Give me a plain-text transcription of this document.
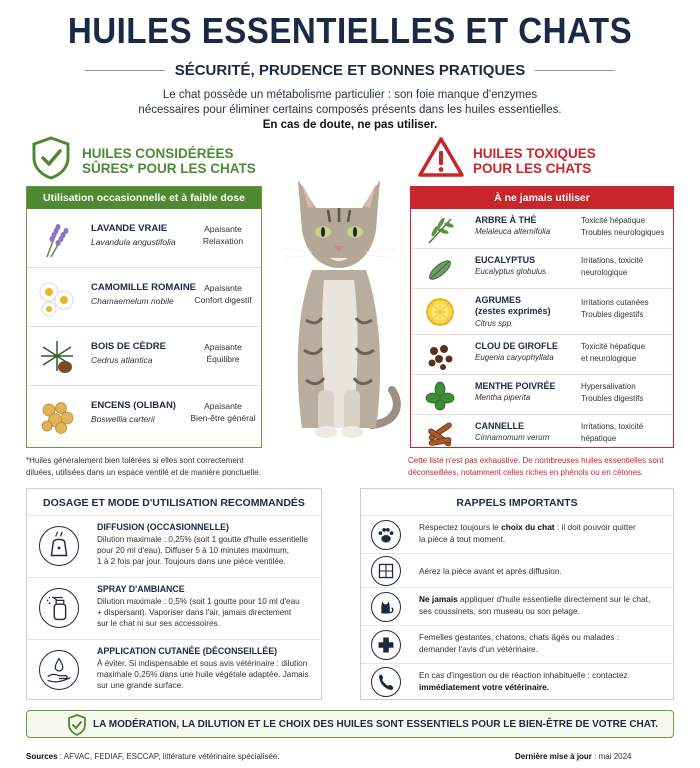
HUILES ESSENTIELLES ET CHATS
SÉCURITÉ, PRUDENCE ET BONNES PRATIQUES
Le chat possède un métabolisme particulier : son foie manque d'enzymes
nécessaires pour éliminer certains composés présents dans les huiles essentielles.
En cas de doute, ne pas utiliser.
HUILES CONSIDÉRÉES
SÛRES* POUR LES CHATS
Utilisation occasionnelle et à faible dose
LAVANDE VRAIE
Lavandula angustifolia
Apaisante
Relaxation
CAMOMILLE ROMAINE
Chamaemelum nobile
Apaisante
Confort digestif
BOIS DE CÈDRE
Cedrus atlantica
Apaisante
Équilibre
ENCENS (OLIBAN)
Boswellia carterii
Apaisante
Bien-être général
*Huiles généralement bien tolérées si elles sont correctement
diluées, utilisées dans un espace ventilé et de manière ponctuelle.
HUILES TOXIQUES
POUR LES CHATS
À ne jamais utiliser
ARBRE À THÉ
Melaleuca alternifolia
Toxicité hépatique
Troubles neurologiques
EUCALYPTUS
Eucalyptus globulus
Irritations, toxicité
neurologique
AGRUMES
(zestes exprimés)
Citrus spp.
Irritations cutanées
Troubles digestifs
CLOU DE GIROFLE
Eugenia caryophyllata
Toxicité hépatique
et neurologique
MENTHE POIVRÉE
Mentha piperita
Hypersalivation
Troubles digestifs
CANNELLE
Cinnamomum verum
Irritations, toxicité
hépatique
Cette liste n'est pas exhaustive. De nombreuses huiles essentielles sont
déconseillées, notamment celles riches en phénols ou en cétones.
DOSAGE ET MODE D'UTILISATION RECOMMANDÉS
DIFFUSION (OCCASIONNELLE)
Dilution maximale : 0,25% (soit 1 goutte d'huile essentielle
pour 20 ml d'eau). Diffuser 5 à 10 minutes maximum,
1 à 2 fois par jour. Toujours dans une pièce ventilée.
SPRAY D'AMBIANCE
Dilution maximale : 0,5% (soit 1 goutte pour 10 ml d'eau
+ dispersant). Vaporiser dans l'air, jamais directement
sur le chat ni sur ses accessoires.
APPLICATION CUTANÉE (DÉCONSEILLÉE)
À éviter. Si indispensable et sous avis vétérinaire : dilution
maximale 0,25% dans une huile végétale adaptée. Jamais
sur une grande surface.
RAPPELS IMPORTANTS
Respectez toujours le choix du chat : il doit pouvoir quitter
la pièce à tout moment.
Aérez la pièce avant et après diffusion.
Ne jamais appliquer d'huile essentielle directement sur le chat,
ses coussinets, son museau ou son pelage.
Femelles gestantes, chatons, chats âgés ou malades :
demander l'avis d'un vétérinaire.
En cas d'ingestion ou de réaction inhabituelle : contactez
immédiatement votre vétérinaire.
LA MODÉRATION, LA DILUTION ET LE CHOIX DES HUILES SONT ESSENTIELS POUR LE BIEN-ÊTRE DE VOTRE CHAT.
Sources : AFVAC, FEDIAF, ESCCAP, littérature vétérinaire spécialisée.	Dernière mise à jour : mai 2024
